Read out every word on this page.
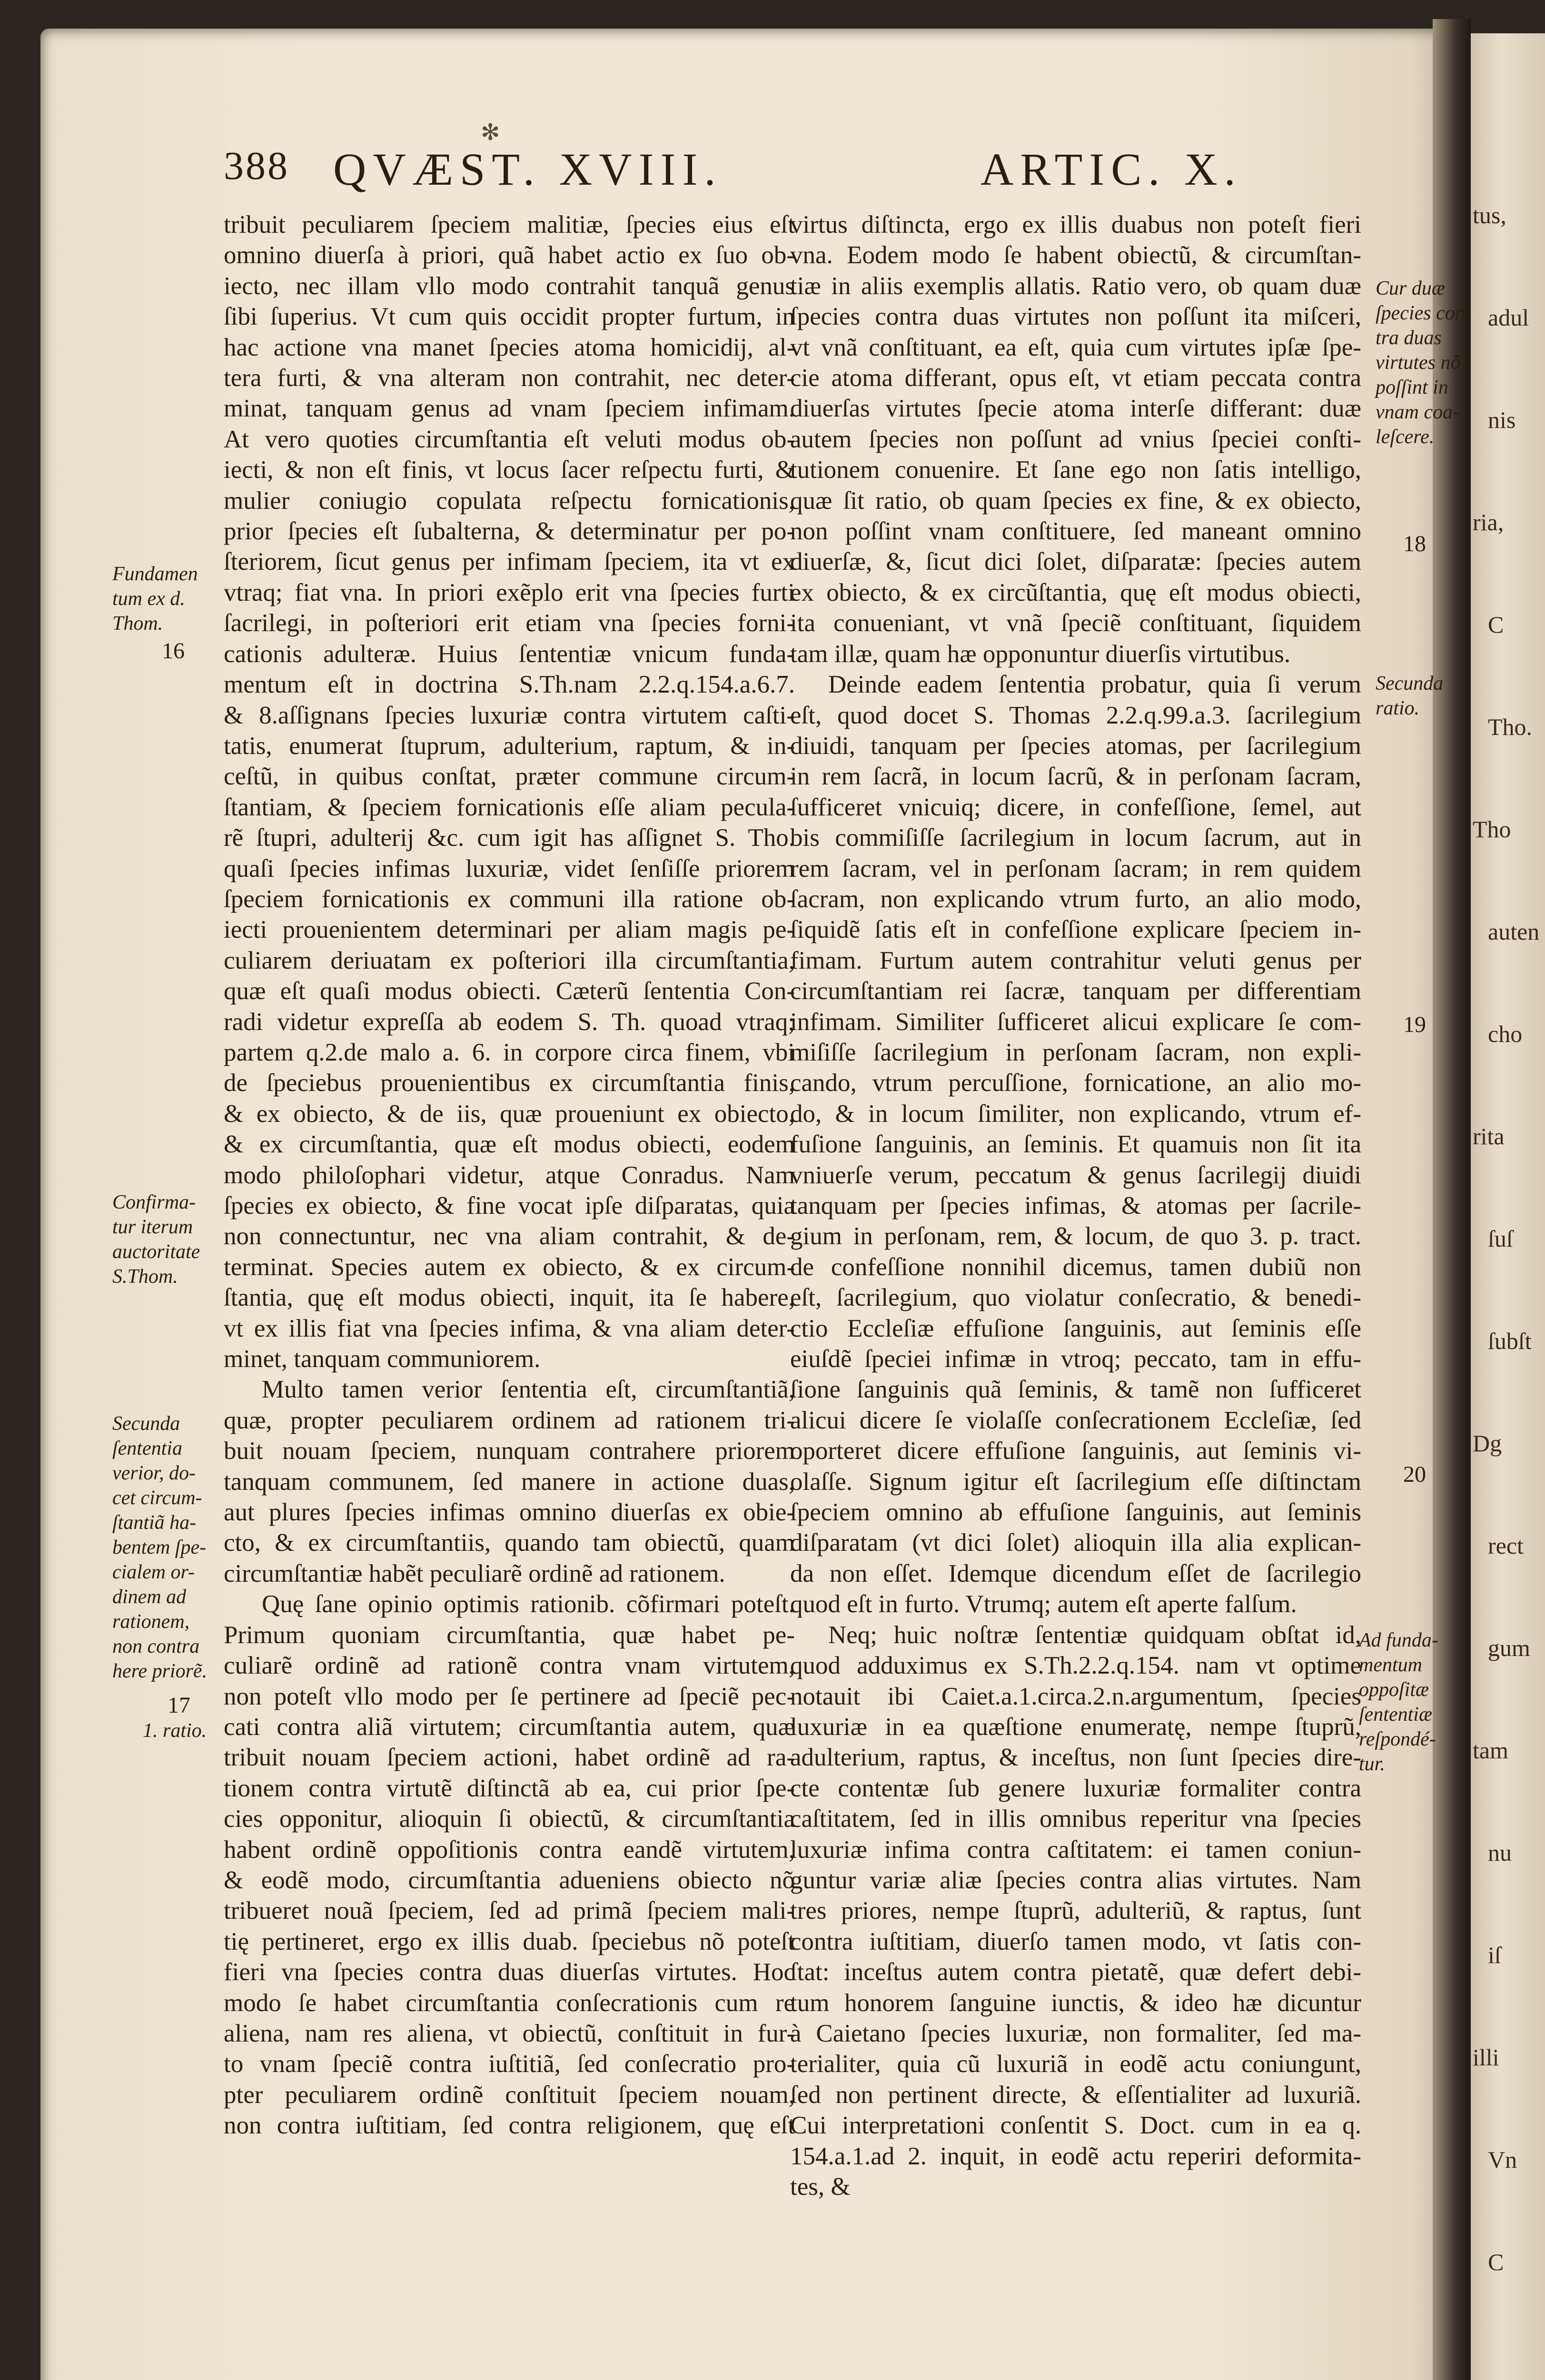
tus,
adul
nis
ria,
C
Tho.
Tho
auten
cho
rita
ſuſ
ſubſt
Dg
rect
gum
tam
nu
iſ
illi
Vn
C
✻
388 QVÆST. XVIII.	ARTIC. X.
tribuit peculiarem ſpeciem malitiæ, ſpecies eius eſt
omnino diuerſa à priori, quã habet actio ex ſuo ob-
iecto, nec illam vllo modo contrahit tanquã genus
ſibi ſuperius. Vt cum quis occidit propter furtum, in
hac actione vna manet ſpecies atoma homicidij, al-
tera furti, & vna alteram non contrahit, nec deter-
minat, tanquam genus ad vnam ſpeciem infimam.
At vero quoties circumſtantia eſt veluti modus ob-
iecti, & non eſt finis, vt locus ſacer reſpectu furti, &
mulier coniugio copulata reſpectu fornicationis,
prior ſpecies eſt ſubalterna, & determinatur per po-
ſteriorem, ſicut genus per infimam ſpeciem, ita vt ex
vtraq; fiat vna. In priori exẽplo erit vna ſpecies furti
ſacrilegi, in poſteriori erit etiam vna ſpecies forni-
cationis adulteræ. Huius ſententiæ vnicum funda-
mentum eſt in doctrina S.Th.nam 2.2.q.154.a.6.7.
& 8.aſſignans ſpecies luxuriæ contra virtutem caſti-
tatis, enumerat ſtuprum, adulterium, raptum, & in-
ceſtũ, in quibus conſtat, præter commune circum-
ſtantiam, & ſpeciem fornicationis eſſe aliam pecula-
rẽ ſtupri, adulterij &c. cum igit has aſſignet S. Tho.
quaſi ſpecies infimas luxuriæ, videt ſenſiſſe priorem
ſpeciem fornicationis ex communi illa ratione ob-
iecti prouenientem determinari per aliam magis pe-
culiarem deriuatam ex poſteriori illa circumſtantia,
quæ eſt quaſi modus obiecti. Cæterũ ſententia Con-
radi videtur expreſſa ab eodem S. Th. quoad vtraq;
partem q.2.de malo a. 6. in corpore circa finem, vbi
de ſpeciebus prouenientibus ex circumſtantia finis,
& ex obiecto, & de iis, quæ proueniunt ex obiecto,
& ex circumſtantia, quæ eſt modus obiecti, eodem
modo philoſophari videtur, atque Conradus. Nam
ſpecies ex obiecto, & fine vocat ipſe diſparatas, quia
non connectuntur, nec vna aliam contrahit, & de-
terminat. Species autem ex obiecto, & ex circum-
ſtantia, quę eſt modus obiecti, inquit, ita ſe habere,
vt ex illis fiat vna ſpecies infima, & vna aliam deter-
minet, tanquam communiorem.
Multo tamen verior ſententia eſt, circumſtantiã,
quæ, propter peculiarem ordinem ad rationem tri-
buit nouam ſpeciem, nunquam contrahere priorem
tanquam communem, ſed manere in actione duas,
aut plures ſpecies infimas omnino diuerſas ex obie-
cto, & ex circumſtantiis, quando tam obiectũ, quam
circumſtantiæ habẽt peculiarẽ ordinẽ ad rationem.
Quę ſane opinio optimis rationib. cõfirmari poteſt.
Primum quoniam circumſtantia, quæ habet pe-
culiarẽ ordinẽ ad rationẽ contra vnam virtutem,
non poteſt vllo modo per ſe pertinere ad ſpeciẽ pec-
cati contra aliã virtutem; circumſtantia autem, quæ
tribuit nouam ſpeciem actioni, habet ordinẽ ad ra-
tionem contra virtutẽ diſtinctã ab ea, cui prior ſpe-
cies opponitur, alioquin ſi obiectũ, & circumſtantia
habent ordinẽ oppoſitionis contra eandẽ virtutem,
& eodẽ modo, circumſtantia adueniens obiecto nõ
tribueret nouã ſpeciem, ſed ad primã ſpeciem mali-
tię pertineret, ergo ex illis duab. ſpeciebus nõ poteſt
fieri vna ſpecies contra duas diuerſas virtutes. Hoc
modo ſe habet circumſtantia conſecrationis cum re
aliena, nam res aliena, vt obiectũ, conſtituit in fur-
to vnam ſpeciẽ contra iuſtitiã, ſed conſecratio pro-
pter peculiarem ordinẽ conſtituit ſpeciem nouam,
non contra iuſtitiam, ſed contra religionem, quę eſt
virtus diſtincta, ergo ex illis duabus non poteſt fieri
vna. Eodem modo ſe habent obiectũ, & circumſtan-
tiæ in aliis exemplis allatis. Ratio vero, ob quam duæ
ſpecies contra duas virtutes non poſſunt ita miſceri,
vt vnã conſtituant, ea eſt, quia cum virtutes ipſæ ſpe-
cie atoma differant, opus eſt, vt etiam peccata contra
diuerſas virtutes ſpecie atoma interſe differant: duæ
autem ſpecies non poſſunt ad vnius ſpeciei conſti-
tutionem conuenire. Et ſane ego non ſatis intelligo,
quæ ſit ratio, ob quam ſpecies ex fine, & ex obiecto,
non poſſint vnam conſtituere, ſed maneant omnino
diuerſæ, &, ſicut dici ſolet, diſparatæ: ſpecies autem
ex obiecto, & ex circũſtantia, quę eſt modus obiecti,
ita conueniant, vt vnã ſpeciẽ conſtituant, ſiquidem
tam illæ, quam hæ opponuntur diuerſis virtutibus.
Deinde eadem ſententia probatur, quia ſi verum
eſt, quod docet S. Thomas 2.2.q.99.a.3. ſacrilegium
diuidi, tanquam per ſpecies atomas, per ſacrilegium
in rem ſacrã, in locum ſacrũ, & in perſonam ſacram,
ſufficeret vnicuiq; dicere, in confeſſione, ſemel, aut
bis commiſiſſe ſacrilegium in locum ſacrum, aut in
rem ſacram, vel in perſonam ſacram; in rem quidem
ſacram, non explicando vtrum furto, an alio modo,
ſiquidẽ ſatis eſt in confeſſione explicare ſpeciem in-
fimam. Furtum autem contrahitur veluti genus per
circumſtantiam rei ſacræ, tanquam per differentiam
infimam. Similiter ſufficeret alicui explicare ſe com-
miſiſſe ſacrilegium in perſonam ſacram, non expli-
cando, vtrum percuſſione, fornicatione, an alio mo-
do, & in locum ſimiliter, non explicando, vtrum ef-
fuſione ſanguinis, an ſeminis. Et quamuis non ſit ita
vniuerſe verum, peccatum & genus ſacrilegij diuidi
tanquam per ſpecies infimas, & atomas per ſacrile-
gium in perſonam, rem, & locum, de quo 3. p. tract.
de confeſſione nonnihil dicemus, tamen dubiũ non
eſt, ſacrilegium, quo violatur conſecratio, & benedi-
ctio Eccleſiæ effuſione ſanguinis, aut ſeminis eſſe
eiuſdẽ ſpeciei infimæ in vtroq; peccato, tam in effu-
ſione ſanguinis quã ſeminis, & tamẽ non ſufficeret
alicui dicere ſe violaſſe conſecrationem Eccleſiæ, ſed
oporteret dicere effuſione ſanguinis, aut ſeminis vi-
olaſſe. Signum igitur eſt ſacrilegium eſſe diſtinctam
ſpeciem omnino ab effuſione ſanguinis, aut ſeminis
diſparatam (vt dici ſolet) alioquin illa alia explican-
da non eſſet. Idemque dicendum eſſet de ſacrilegio
quod eſt in furto. Vtrumq; autem eſt aperte falſum.
Neq; huic noſtræ ſententiæ quidquam obſtat id,
quod adduximus ex S.Th.2.2.q.154. nam vt optime
notauit ibi Caiet.a.1.circa.2.n.argumentum, ſpecies
luxuriæ in ea quæſtione enumeratę, nempe ſtuprũ,
adulterium, raptus, & inceſtus, non ſunt ſpecies dire-
cte contentæ ſub genere luxuriæ formaliter contra
caſtitatem, ſed in illis omnibus reperitur vna ſpecies
luxuriæ infima contra caſtitatem: ei tamen coniun-
guntur variæ aliæ ſpecies contra alias virtutes. Nam
tres priores, nempe ſtuprũ, adulteriũ, & raptus, ſunt
contra iuſtitiam, diuerſo tamen modo, vt ſatis con-
ſtat: inceſtus autem contra pietatẽ, quæ defert debi-
tum honorem ſanguine iunctis, & ideo hæ dicuntur
à Caietano ſpecies luxuriæ, non formaliter, ſed ma-
terialiter, quia cũ luxuriã in eodẽ actu coniungunt,
ſed non pertinent directe, & eſſentialiter ad luxuriã.
Cui interpretationi conſentit S. Doct. cum in ea q.
154.a.1.ad 2. inquit, in eodẽ actu reperiri deformita-
tes, &
Fundamen
tum ex d.
Thom.
Confirma-
tur iterum
auctoritate
S.Thom.
Secunda
ſententia
verior, do-
cet circum-
ſtantiã ha-
bentem ſpe-
cialem or-
dinem ad
rationem,
non contra
here priorẽ.
1. ratio.
Cur duæ
ſpecies con-
tra duas
virtutes nõ
poſſint in
vnam coa-
leſcere.
Secunda
ratio.
Ad funda-
mentum
oppoſitæ
ſententiæ
reſpondé-
tur.
16
17
18
19
20
